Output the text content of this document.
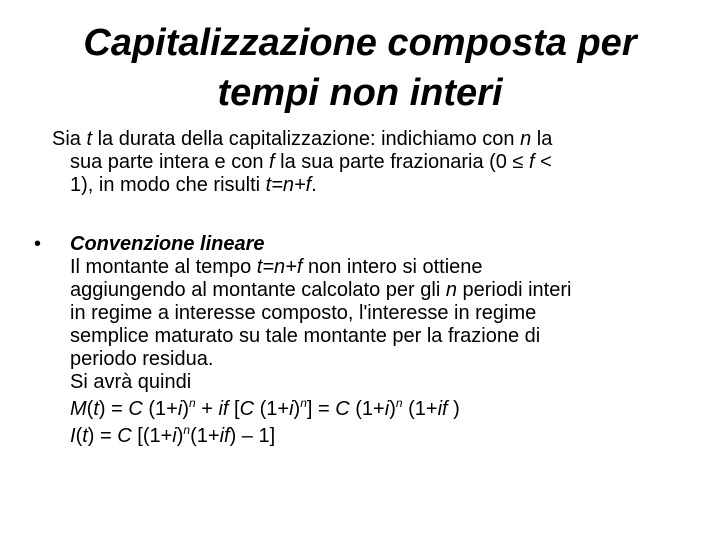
Capitalizzazione composta per
tempi non interi
Sia t la durata della capitalizzazione: indichiamo con n la
sua parte intera e con f la sua parte frazionaria (0 ≤ f <
1), in modo che risulti t=n+f.
• Convenzione lineare
Il montante al tempo t=n+f non intero si ottiene
aggiungendo al montante calcolato per gli n periodi interi
in regime a interesse composto, l'interesse in regime
semplice maturato su tale montante per la frazione di
periodo residua.
Si avrà quindi
M(t) = C $(1+i)^n$ + if [C $(1+i)^n] = C$ $(1+i)^n$ (1+if )
I(t) = C $[(1+i)^n(1+if) - 1]$
